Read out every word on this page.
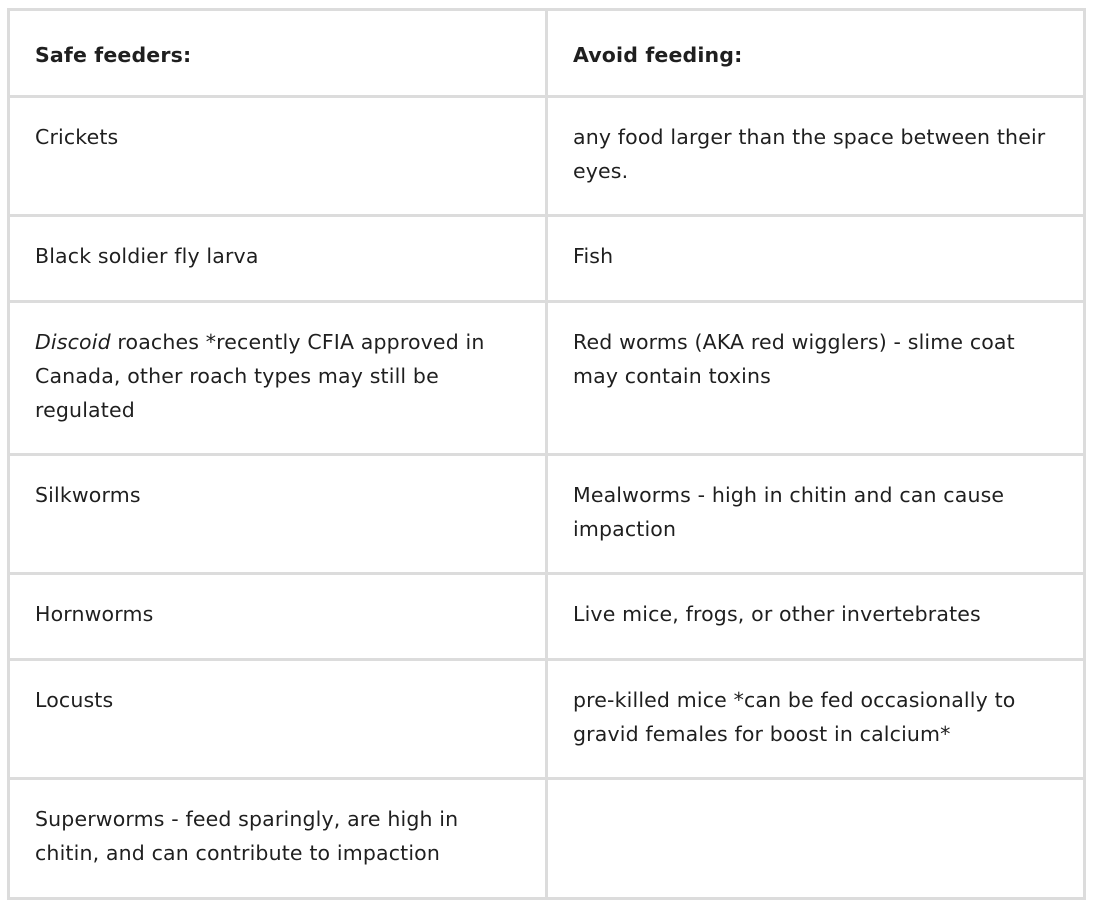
Safe feeders:	Avoid feeding:
Crickets	any food larger than the space between their eyes.
Black soldier fly larva	Fish
Discoid roaches *recently CFIA approved in Canada, other roach types may still be regulated	Red worms (AKA red wigglers) - slime coat may contain toxins
Silkworms	Mealworms - high in chitin and can cause impaction
Hornworms	Live mice, frogs, or other invertebrates
Locusts	pre-killed mice *can be fed occasionally to gravid females for boost in calcium*
Superworms - feed sparingly, are high in chitin, and can contribute to impaction	
